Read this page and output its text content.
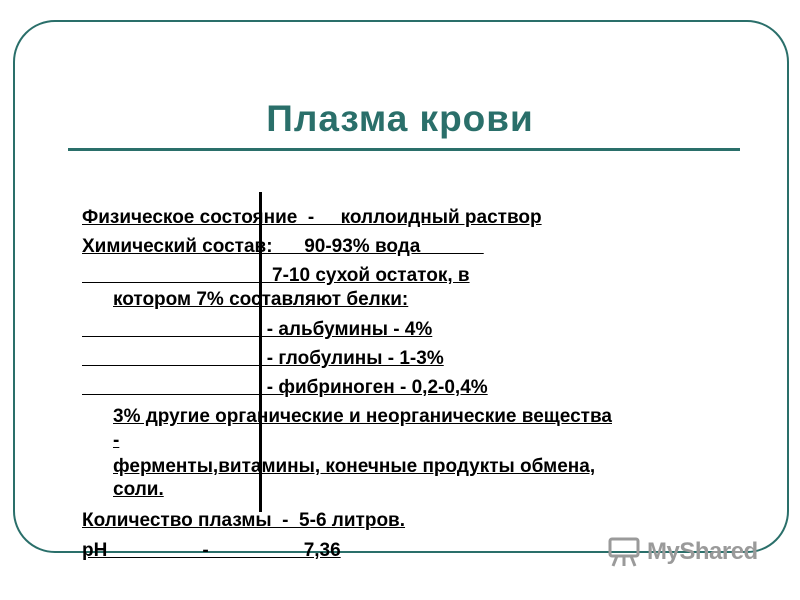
Плазма крови
Физическое состояние  -     коллоидный раствор
Химический состав:      90-93% вода
7-10 сухой остаток, в
котором 7% составляют белки:
- альбумины - 4%
- глобулины - 1-3%
- фибриноген - 0,2-0,4%
3% другие органические и неорганические вещества
-
ферменты,витамины, конечные продукты обмена,
соли.
Количество плазмы  -  5-6 литров.
pH                  -                  7,36	MyShared
